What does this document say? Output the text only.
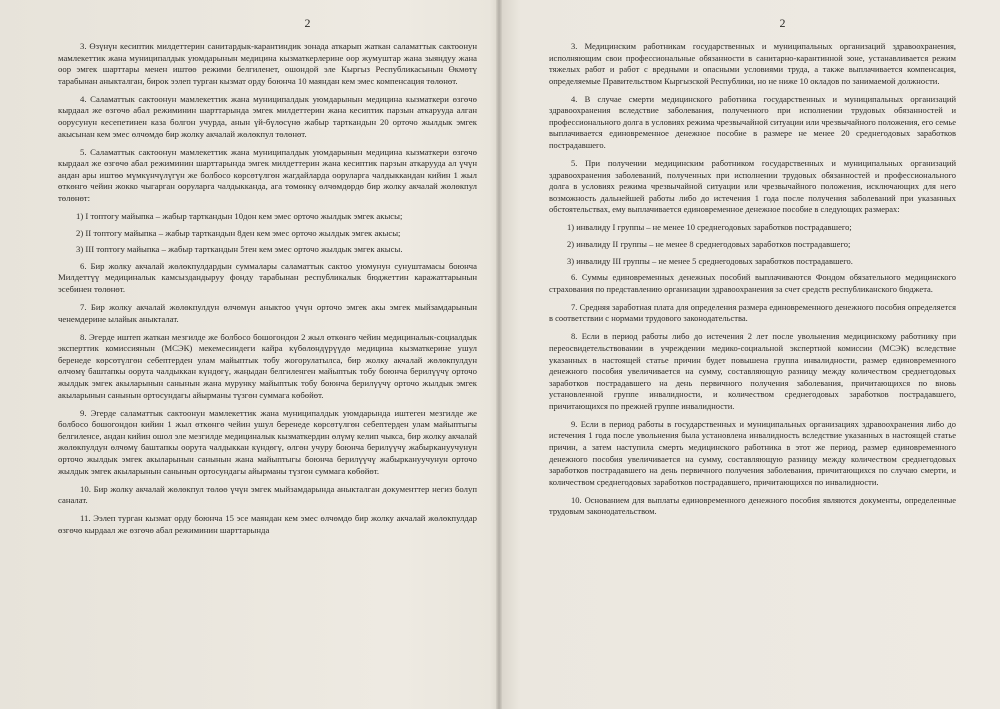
2

3. Өзүнүн кесиптик милдеттерин санитардык-карантиндик зонада аткарып жаткан саламаттык сактоонун мамлекеттик жана муниципалдык уюмдарынын медицина кызматкерлерине оор жумуштар жана зыяндуу жана оор эмгек шарттары менен иштөө режими белгиленет, ошондой эле Кыргыз Республикасынын Өкмөтү тарабынан аныкталган, бирок ээлеп турган кызмат орду боюнча 10 маяндан кем эмес компенсация төлөнөт.

4. Саламаттык сактоонун мамлекеттик жана муниципалдык уюмдарынын медицина кызматкери өзгөчө кырдаал же өзгөчө абал режиминин шарттарында эмгек милдеттерин жана кесиптик парзын аткарууда алган оорусунун кесепетинен каза болгон учурда, анын үй-бүлөсүнө жабыр тарткандын 20 орточо жылдык эмгек акысынан кем эмес өлчөмдө бир жолку акчалай жөлөкпул төлөнөт.

5. Саламаттык сактоонун мамлекеттик жана муниципалдык уюмдарынын медицина кызматкери өзгөчө кырдаал же өзгөчө абал режиминин шарттарында эмгек милдеттерин жана кесиптик парзын аткарууда ал үчүн андан ары иштөө мүмкүнчүлүгүн же болбосо көрсөтүлгөн жагдайларда ооруларга чалдыккандан кийин 1 жыл өткөнгө чейин жокко чыгарган ооруларга чалдыкканда, ага төмөнкү өлчөмдөрдө бир жолку акчалай жөлөкпул төлөнөт:

1) I топтогу майыпка – жабыр тарткандын 10дон кем эмес орточо жылдык эмгек акысы;

2) II топтогу майыпка – жабыр тарткандын 8ден кем эмес орточо жылдык эмгек акысы;

3) III топтогу майыпка – жабыр тарткандын 5тен кем эмес орточо жылдык эмгек акысы.

6. Бир жолку акчалай жөлөкпулдардын суммалары саламаттык сактоо уюмунун сунуштамасы боюнча Милдеттүү медициналык камсыздандыруу фонду тарабынан республикалык бюджеттин каражаттарынын эсебинен төлөнөт.

7. Бир жолку акчалай жөлөкпулдун өлчөмүн аныктоо үчүн орточо эмгек акы эмгек мыйзамдарынын ченемдерине ылайык аныкталат.

8. Эгерде иштеп жаткан мезгилде же болбосо бошогондон 2 жыл өткөнгө чейин медициналык-социалдык эксперттик комиссиянын (МСЭК) мекемесиндеги кайра күбөлөндүрүүдө медицина кызматкерине ушул беренеде көрсөтүлгөн себептерден улам майыптык тобу жогорулатылса, бир жолку акчалай жөлөкпулдун өлчөмү баштапкы оорута чалдыккан күндөгү, жаңыдан белгиленген майыптык тобу боюнча берилүүчү орточо жылдык эмгек акыларынын санынын жана мурунку майыптык тобу боюнча берилүүчү орточо жылдык эмгек акыларынын санынын ортосундагы айырманы түзгөн суммага көбөйөт.

9. Эгерде саламаттык сактоонун мамлекеттик жана муниципалдык уюмдарында иштеген мезгилде же болбосо бошогондон кийин 1 жыл өткөнгө чейин ушул беренеде көрсөтүлгөн себептерден улам майыптыгы белгиленсе, андан кийин ошол эле мезгилде медициналык кызматкердин өлүмү келип чыкса, бир жолку акчалай жөлөкпулдун өлчөмү баштапкы оорута чалдыккан күндөгү, өлгөн учуру боюнча берилүүчү жабыркануучунун орточо жылдык эмгек акыларынын санынын жана майыптыгы боюнча берилүүчү жабыркануучунун орточо жылдык эмгек акыларынын санынын ортосундагы айырманы түзгөн суммага көбөйөт.

10. Бир жолку акчалай жөлөкпул төлөө үчүн эмгек мыйзамдарында аныкталган документтер негиз болуп саналат.

11. Ээлеп турган кызмат орду боюнча 15 эсе маяндан кем эмес өлчөмдө бир жолку акчалай жөлөкпулдар өзгөчө кырдаал же өзгөчө абал режиминин шарттарында

2

3. Медицинским работникам государственных и муниципальных организаций здравоохранения, исполняющим свои профессиональные обязанности в санитарно-карантинной зоне, устанавливается режим тяжелых работ и работ с вредными и опасными условиями труда, а также выплачивается компенсация, определяемые Правительством Кыргызской Республики, но не ниже 10 окладов по занимаемой должности.

4. В случае смерти медицинского работника государственных и муниципальных организаций здравоохранения вследствие заболевания, полученного при исполнении трудовых обязанностей и профессионального долга в условиях режима чрезвычайной ситуации или чрезвычайного положения, его семье выплачивается единовременное денежное пособие в размере не менее 20 среднегодовых заработков пострадавшего.

5. При получении медицинским работником государственных и муниципальных организаций здравоохранения заболеваний, полученных при исполнении трудовых обязанностей и профессионального долга в условиях режима чрезвычайной ситуации или чрезвычайного положения, исключающих для него возможность дальнейшей работы либо до истечения 1 года после получения заболеваний при указанных обстоятельствах, ему выплачивается единовременное денежное пособие в следующих размерах:

1) инвалиду I группы – не менее 10 среднегодовых заработков пострадавшего;

2) инвалиду II группы – не менее 8 среднегодовых заработков пострадавшего;

3) инвалиду III группы – не менее 5 среднегодовых заработков пострадавшего.

6. Суммы единовременных денежных пособий выплачиваются Фондом обязательного медицинского страхования по представлению организации здравоохранения за счет средств республиканского бюджета.

7. Средняя заработная плата для определения размера единовременного денежного пособия определяется в соответствии с нормами трудового законодательства.

8. Если в период работы либо до истечения 2 лет после увольнения медицинскому работнику при переосвидетельствовании в учреждении медико-социальной экспертной комиссии (МСЭК) вследствие указанных в настоящей статье причин будет повышена группа инвалидности, размер единовременного денежного пособия увеличивается на сумму, составляющую разницу между количеством среднегодовых заработков пострадавшего на день первичного получения заболевания, причитающихся по вновь установленной группе инвалидности, и количеством среднегодовых заработков пострадавшего, причитающихся по прежней группе инвалидности.

9. Если в период работы в государственных и муниципальных организациях здравоохранения либо до истечения 1 года после увольнения была установлена инвалидность вследствие указанных в настоящей статье причин, а затем наступила смерть медицинского работника в этот же период, размер единовременного денежного пособия увеличивается на сумму, составляющую разницу между количеством среднегодовых заработков пострадавшего на день первичного получения заболевания, причитающихся по случаю смерти, и количеством среднегодовых заработков пострадавшего, причитающихся по инвалидности.

10. Основанием для выплаты единовременного денежного пособия являются документы, определенные трудовым законодательством.
